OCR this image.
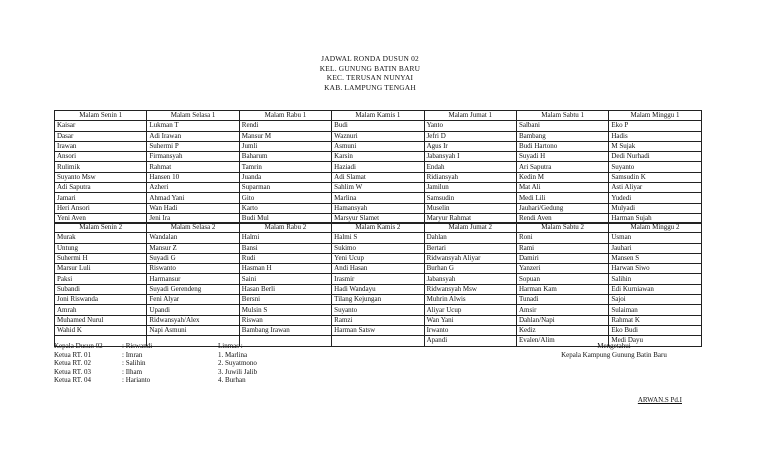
JADWAL RONDA DUSUN 02
KEL. GUNUNG BATIN BARU
KEC. TERUSAN NUNYAI
KAB. LAMPUNG TENGAH
Malam Senin 1	Malam Selasa 1	Malam Rabu 1	Malam Kamis 1	Malam Jumat 1	Malam Sabtu 1	Malam Minggu 1
Kaisar	Lukman T	Rendi	Budi	Yanto	Salbani	Eko P
Dasar	Adi Irawan	Mansur M	Waznuri	Jefri D	Bambang	Hadis
Irawan	Suhermi P	Jumli	Asmuni	Agus Ir	Budi Hartono	M Sujak
Ansori	Firmansyah	Baharum	Karsin	Jabansyah I	Suyadi H	Dedi Nurhadi
Rulimik	Rahmat	Tamrin	Haziadi	Endah	Ari Saputra	Suyanto
Suyanto Msw	Hansen 10	Juanda	Adi Slamat	Ridiansyah	Kedin M	Samsudin K
Adi Saputra	Azheri	Suparman	Sahlim W	Jamilun	Mat Ali	Asti Aliyar
Jamari	Ahmad Yani	Gito	Marlina	Samsudin	Medi Lili	Yudedi
Heri Ansori	Wan Hadi	Karto	Hamansyah	Muselin	Jauhari/Gedung	Mulyadi
Yeni Aven	Jeni Ira	Budi Mul	Marsyur Slamet	Maryur Rahmat	Rendi Aven	Harman Sujah
Malam Senin 2	Malam Selasa 2	Malam Rabu 2	Malam Kamis 2	Malam Jumat 2	Malam Sabtu 2	Malam Minggu 2
Murak	Wandalan	Halmi	Halmi S	Dahlan	Roni	Usman
Untung	Mansur Z	Bansi	Sukimo	Bertari	Rami	Jauhari
Suhermi H	Suyadi G	Rudi	Yeni Ucup	Ridwansyah Aliyar	Damiri	Mansen S
Marsur Luli	Riswanto	Hasman H	Andi Hasan	Burhan G	Yanzeri	Harwan Siwo
Paksi	Harmansur	Saini	Irasmir	Jabansyah	Sopuan	Salihin
Subandi	Suyadi Gerendeng	Hasan Berli	Hadi Wandayu	Ridwansyah Msw	Harman Kam	Edi Kurniawan
Joni Riswanda	Feni Alyar	Bersni	Tilang Kejungan	Muhrin Alwis	Tunadi	Sajoi
Amrah	Upandi	Mulsin S	Suyanto	Aliyar Ucup	Amsir	Sulaiman
Muhamed Nurul	Ridwansyah/Alex	Riswan	Ramzi	Wan Yani	Dahlan/Napi	Rahmat K
Wahid K	Napi Asmuni	Bambang Irawan	Harman Satsw	Irwanto	Kediz	Eko Budi
				Apandi	Evalen/Alim	Medi Dayu
Kepala Dusun 02	: Riswandi
Ketua RT. 01	: Imran
Ketua RT. 02	: Salihin
Ketua RT. 03	: Ilham
Ketua RT. 04	: Harianto
Linmas :
1. Marlina
2. Suyatmono
3. Juwili Jalib
4. Burhan
Mengetahui
Kepala Kampung Gunung Batin Baru
ARWAN.S Pd.I
